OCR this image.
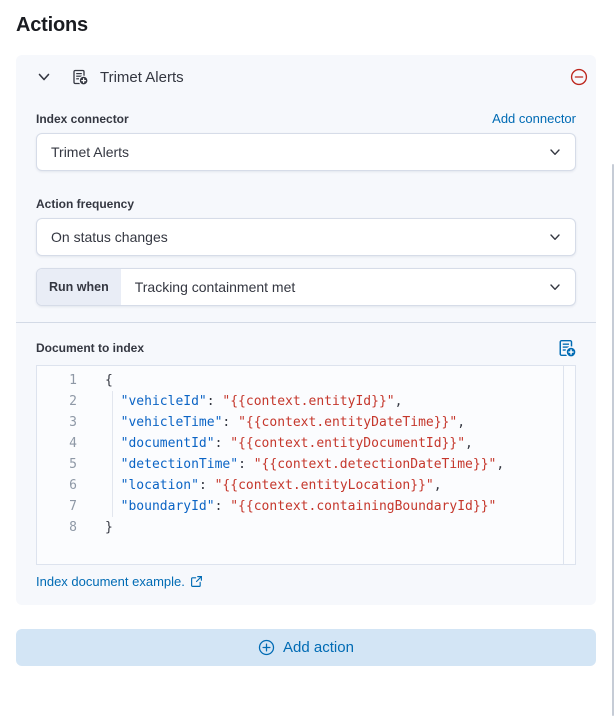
Actions
Trimet Alerts
Index connector	Add connector
Trimet Alerts
Action frequency
On status changes
Run when	Tracking containment met
Document to index
1	{
2	"vehicleId": "{{context.entityId}}",
3	"vehicleTime": "{{context.entityDateTime}}",
4	"documentId": "{{context.entityDocumentId}}",
5	"detectionTime": "{{context.detectionDateTime}}",
6	"location": "{{context.entityLocation}}",
7	"boundaryId": "{{context.containingBoundaryId}}"
8	}
Index document example.
Add action
